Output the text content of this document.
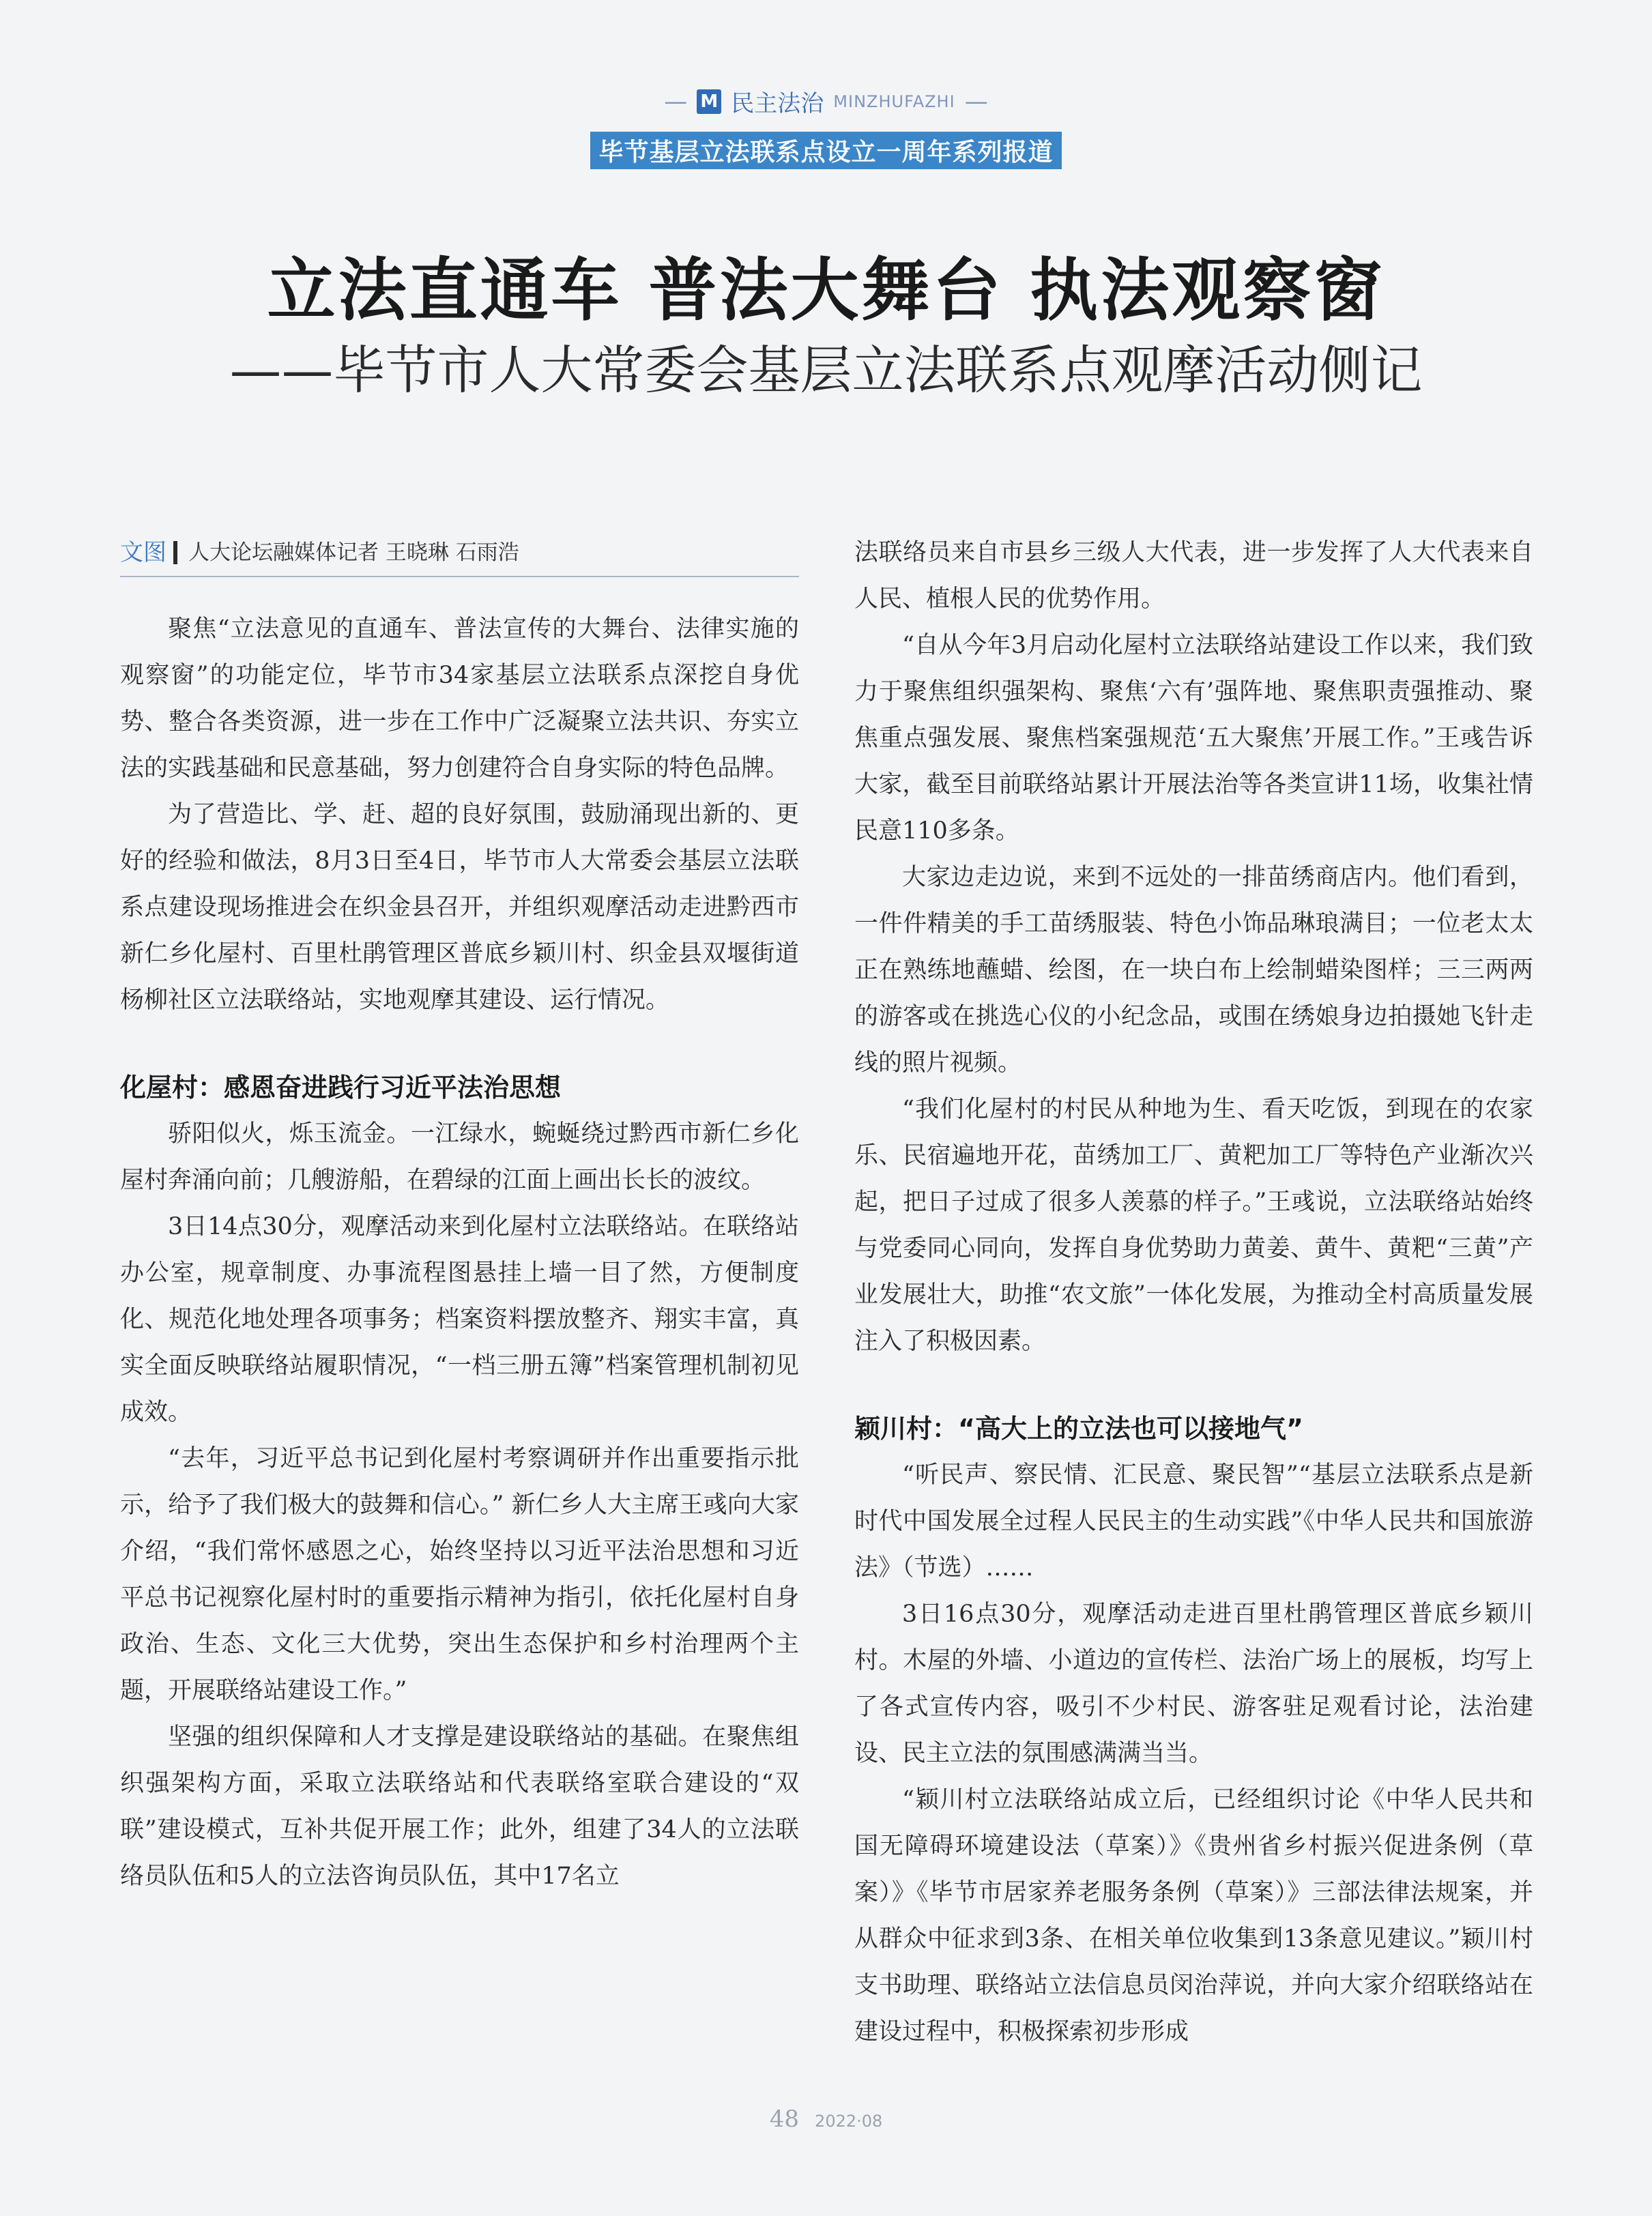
— M 民主法治 MINZHUFAZHI —
毕节基层立法联系点设立一周年系列报道
立法直通车 普法大舞台 执法观察窗
——毕节市人大常委会基层立法联系点观摩活动侧记
文图 人大论坛融媒体记者 王晓琳 石雨浩

聚焦“立法意见的直通车、普法宣传的大舞台、法律实施的观察窗”的功能定位，毕节市34家基层立法联系点深挖自身优势、整合各类资源，进一步在工作中广泛凝聚立法共识、夯实立法的实践基础和民意基础，努力创建符合自身实际的特色品牌。

为了营造比、学、赶、超的良好氛围，鼓励涌现出新的、更好的经验和做法，8月3日至4日，毕节市人大常委会基层立法联系点建设现场推进会在织金县召开，并组织观摩活动走进黔西市新仁乡化屋村、百里杜鹃管理区普底乡颖川村、织金县双堰街道杨柳社区立法联络站，实地观摩其建设、运行情况。

化屋村：感恩奋进践行习近平法治思想

骄阳似火，烁玉流金。一江绿水，蜿蜒绕过黔西市新仁乡化屋村奔涌向前；几艘游船，在碧绿的江面上画出长长的波纹。

3日14点30分，观摩活动来到化屋村立法联络站。在联络站办公室，规章制度、办事流程图悬挂上墙一目了然，方便制度化、规范化地处理各项事务；档案资料摆放整齐、翔实丰富，真实全面反映联络站履职情况，“一档三册五簿”档案管理机制初见成效。

“去年，习近平总书记到化屋村考察调研并作出重要指示批示，给予了我们极大的鼓舞和信心。” 新仁乡人大主席王彧向大家介绍，“我们常怀感恩之心，始终坚持以习近平法治思想和习近平总书记视察化屋村时的重要指示精神为指引，依托化屋村自身政治、生态、文化三大优势，突出生态保护和乡村治理两个主题，开展联络站建设工作。”

坚强的组织保障和人才支撑是建设联络站的基础。在聚焦组织强架构方面，采取立法联络站和代表联络室联合建设的“双联”建设模式，互补共促开展工作；此外，组建了34人的立法联络员队伍和5人的立法咨询员队伍，其中17名立

法联络员来自市县乡三级人大代表，进一步发挥了人大代表来自人民、植根人民的优势作用。

“自从今年3月启动化屋村立法联络站建设工作以来，我们致力于聚焦组织强架构、聚焦‘六有’强阵地、聚焦职责强推动、聚焦重点强发展、聚焦档案强规范‘五大聚焦’开展工作。”王彧告诉大家，截至目前联络站累计开展法治等各类宣讲11场，收集社情民意110多条。

大家边走边说，来到不远处的一排苗绣商店内。他们看到，一件件精美的手工苗绣服装、特色小饰品琳琅满目；一位老太太正在熟练地蘸蜡、绘图，在一块白布上绘制蜡染图样；三三两两的游客或在挑选心仪的小纪念品，或围在绣娘身边拍摄她飞针走线的照片视频。

“我们化屋村的村民从种地为生、看天吃饭，到现在的农家乐、民宿遍地开花，苗绣加工厂、黄粑加工厂等特色产业渐次兴起，把日子过成了很多人羡慕的样子。”王彧说，立法联络站始终与党委同心同向，发挥自身优势助力黄姜、黄牛、黄粑“三黄”产业发展壮大，助推“农文旅”一体化发展，为推动全村高质量发展注入了积极因素。

颖川村：“高大上的立法也可以接地气”

“听民声、察民情、汇民意、聚民智”“基层立法联系点是新时代中国发展全过程人民民主的生动实践”《中华人民共和国旅游法》（节选）……

3日16点30分，观摩活动走进百里杜鹃管理区普底乡颖川村。木屋的外墙、小道边的宣传栏、法治广场上的展板，均写上了各式宣传内容，吸引不少村民、游客驻足观看讨论，法治建设、民主立法的氛围感满满当当。

“颖川村立法联络站成立后，已经组织讨论《中华人民共和国无障碍环境建设法（草案）》《贵州省乡村振兴促进条例（草案）》《毕节市居家养老服务条例（草案）》三部法律法规案，并从群众中征求到3条、在相关单位收集到13条意见建议。”颖川村支书助理、联络站立法信息员闵治萍说，并向大家介绍联络站在建设过程中，积极探索初步形成

48 2022·08
